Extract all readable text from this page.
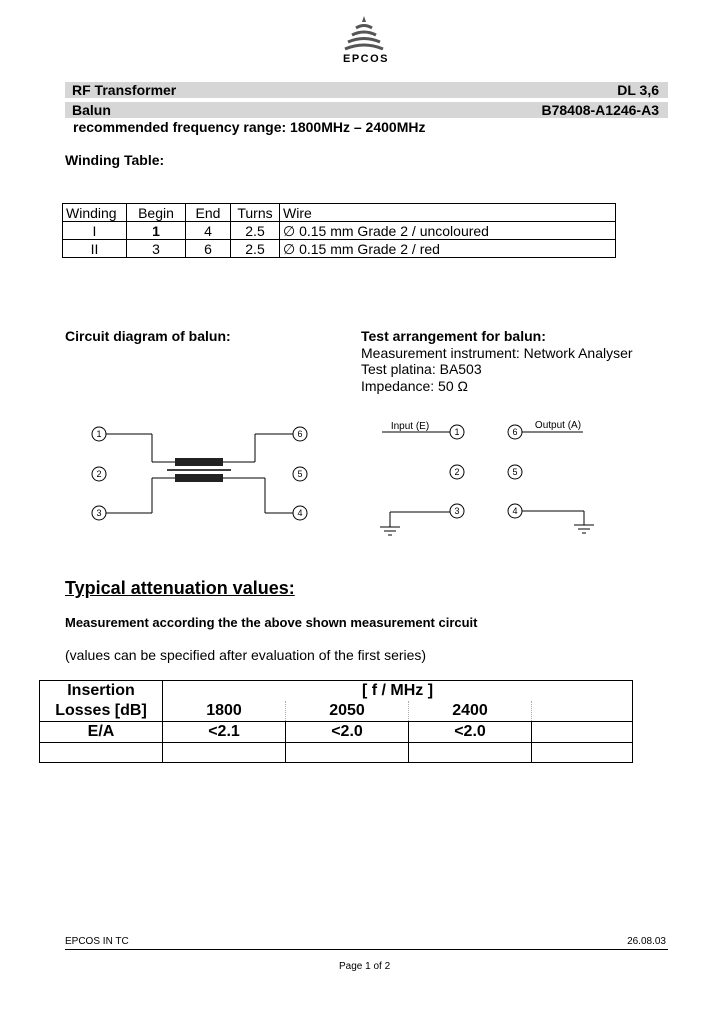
EPCOS
RF Transformer	DL 3,6
Balun	B78408-A1246-A3
recommended frequency range: 1800MHz – 2400MHz
Winding Table:
Winding	Begin	End	Turns	Wire
I	1	4	2.5	∅ 0.15 mm Grade 2 / uncoloured
II	3	6	2.5	∅ 0.15 mm Grade 2 / red
Circuit diagram of balun:
1
2
3
6
5
4
Test arrangement for balun:
Measurement instrument: Network Analyser
Test platina: BA503
Impedance: 50 Ω
1
2
3
6
5
4
Input (E)	Output (A)
Typical attenuation values:
Measurement according the the above shown measurement circuit
(values can be specified after evaluation of the first series)
Insertion
Losses [dB]	[ f / MHz ]			
	1800	2050	2400	
E/A	<2.1	<2.0	<2.0	

EPCOS IN TC	26.08.03
Page 1 of 2
